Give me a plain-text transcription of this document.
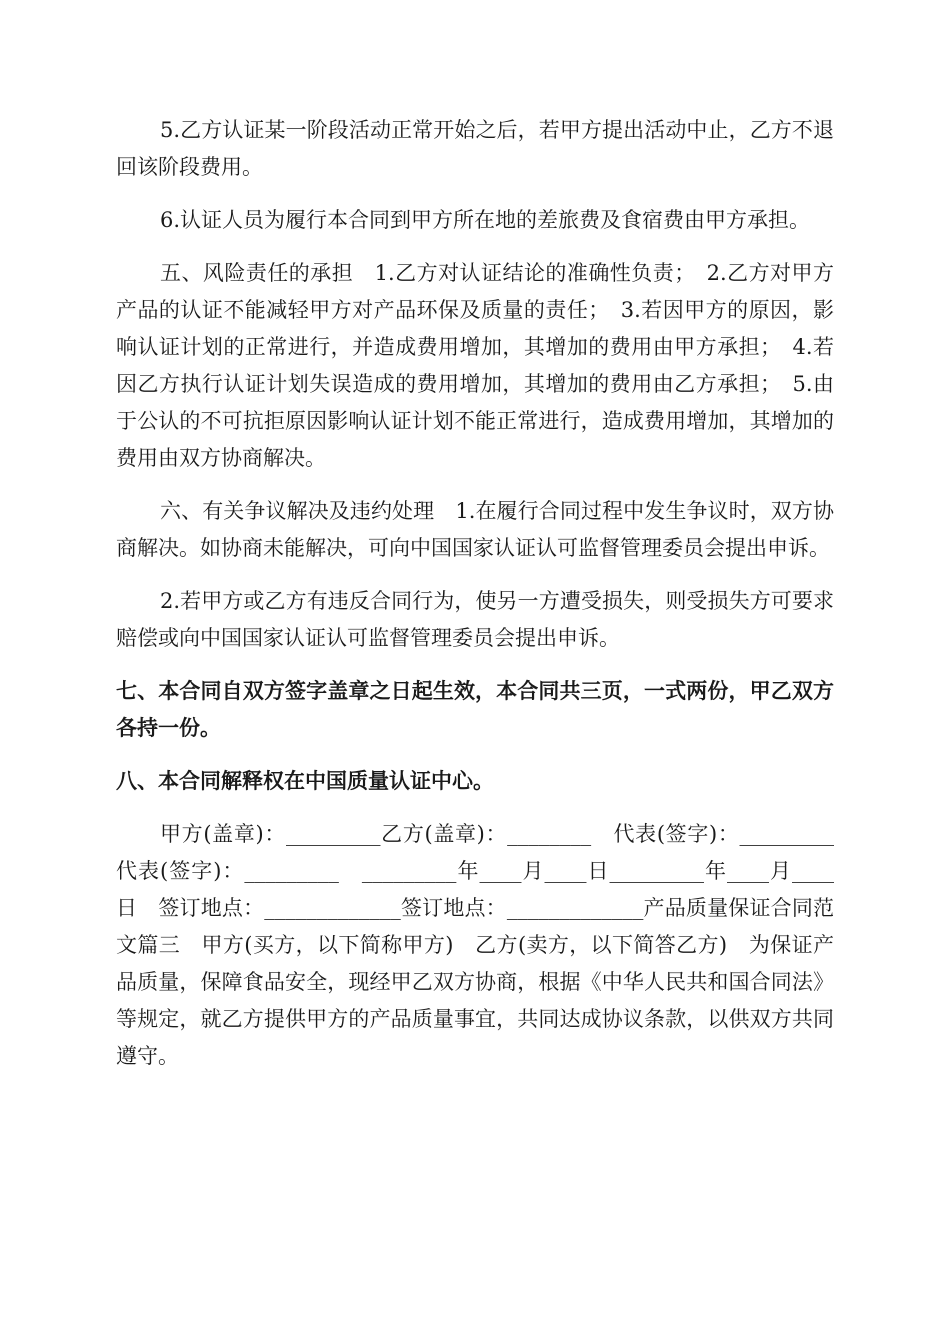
5.乙方认证某一阶段活动正常开始之后，若甲方提出活动中止，乙方不退回该阶段费用。

6.认证人员为履行本合同到甲方所在地的差旅费及食宿费由甲方承担。

五、风险责任的承担　1.乙方对认证结论的准确性负责；　2.乙方对甲方产品的认证不能减轻甲方对产品环保及质量的责任；　3.若因甲方的原因，影响认证计划的正常进行，并造成费用增加，其增加的费用由甲方承担；　4.若因乙方执行认证计划失误造成的费用增加，其增加的费用由乙方承担；　5.由于公认的不可抗拒原因影响认证计划不能正常进行，造成费用增加，其增加的费用由双方协商解决。

六、有关争议解决及违约处理　1.在履行合同过程中发生争议时，双方协商解决。如协商未能解决，可向中国国家认证认可监督管理委员会提出申诉。

2.若甲方或乙方有违反合同行为，使另一方遭受损失，则受损失方可要求赔偿或向中国国家认证认可监督管理委员会提出申诉。

七、本合同自双方签字盖章之日起生效，本合同共三页，一式两份，甲乙双方各持一份。

八、本合同解释权在中国质量认证中心。

甲方(盖章)：_________乙方(盖章)：________　代表(签字)：_________代表(签字)：_________　_________年____月____日_________年____月____日　签订地点：_____________签订地点：_____________产品质量保证合同范文篇三　甲方(买方，以下简称甲方)　乙方(卖方，以下简答乙方)　为保证产品质量，保障食品安全，现经甲乙双方协商，根据《中华人民共和国合同法》等规定，就乙方提供甲方的产品质量事宜，共同达成协议条款，以供双方共同遵守。
